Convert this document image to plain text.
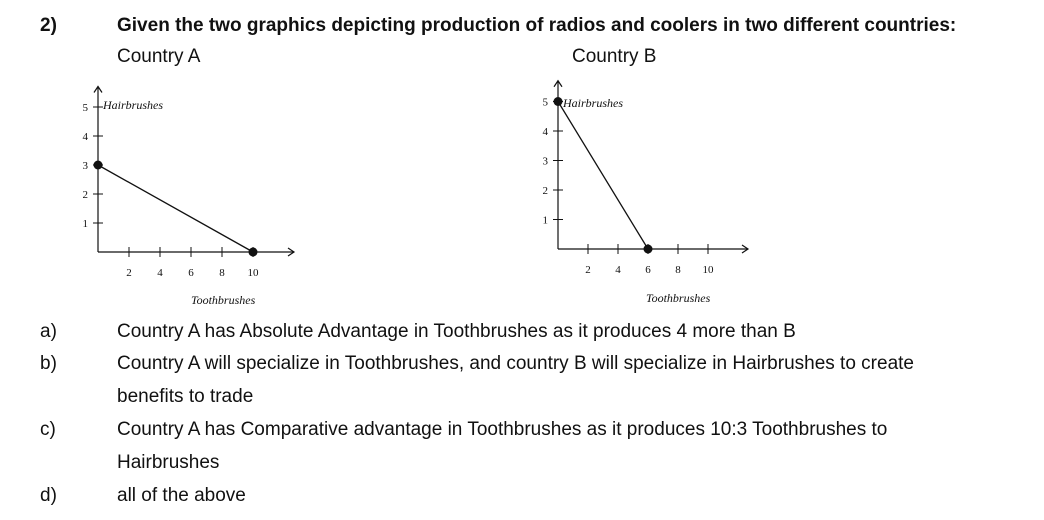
2)	Given the two graphics depicting production of radios and coolers in two different countries:
Country A	Country B
Hairbrushes
Toothbrushes
2 4 6 8 10
1
2
3
4
5	Hairbrushes
Toothbrushes
2 4 6 8 10
1
2
3
4
5
a)	Country A has Absolute Advantage in Toothbrushes as it produces 4 more than B
b)	Country A will specialize in Toothbrushes, and country B will specialize in Hairbrushes to create
benefits to trade
c)	Country A has Comparative advantage in Toothbrushes as it produces 10:3 Toothbrushes to
Hairbrushes
d)	all of the above
